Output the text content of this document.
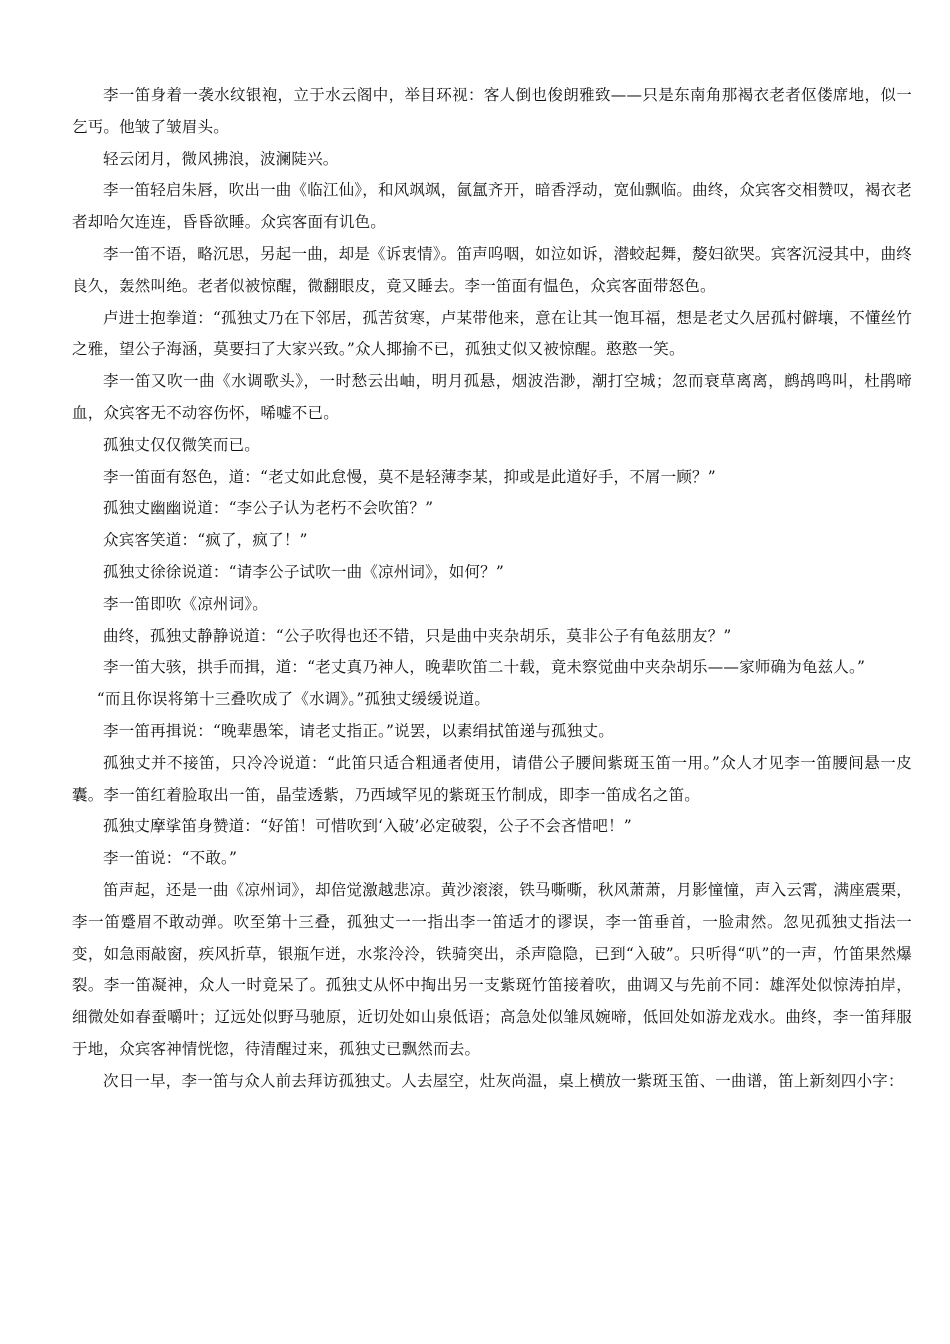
李一笛身着一袭水纹银袍，立于水云阁中，举目环视：客人倒也俊朗雅致——只是东南角那褐衣老者伛偻席地，似一乞丐。他皱了皱眉头。

轻云闭月，微风拂浪，波澜陡兴。

李一笛轻启朱唇，吹出一曲《临江仙》，和风飒飒，氤氲齐开，暗香浮动，宽仙飘临。曲终，众宾客交相赞叹，褐衣老者却哈欠连连，昏昏欲睡。众宾客面有讥色。

李一笛不语，略沉思，另起一曲，却是《诉衷情》。笛声呜咽，如泣如诉，潜蛟起舞，嫠妇欲哭。宾客沉浸其中，曲终良久，轰然叫绝。老者似被惊醒，微翻眼皮，竟又睡去。李一笛面有愠色，众宾客面带怒色。

卢进士抱拳道：“孤独丈乃在下邻居，孤苦贫寒，卢某带他来，意在让其一饱耳福，想是老丈久居孤村僻壤，不懂丝竹之雅，望公子海涵，莫要扫了大家兴致。”众人揶揄不已，孤独丈似又被惊醒。憨憨一笑。

李一笛又吹一曲《水调歌头》，一时愁云出岫，明月孤悬，烟波浩渺，潮打空城；忽而衰草离离，鹧鸪鸣叫，杜鹃啼血，众宾客无不动容伤怀，唏嘘不已。

孤独丈仅仅微笑而已。

李一笛面有怒色，道：“老丈如此怠慢，莫不是轻薄李某，抑或是此道好手，不屑一顾？”

孤独丈幽幽说道：“李公子认为老朽不会吹笛？”

众宾客笑道：“疯了，疯了！”

孤独丈徐徐说道：“请李公子试吹一曲《凉州词》，如何？”

李一笛即吹《凉州词》。

曲终，孤独丈静静说道：“公子吹得也还不错，只是曲中夹杂胡乐，莫非公子有龟兹朋友？”

李一笛大骇，拱手而揖，道：“老丈真乃神人，晚辈吹笛二十载，竟未察觉曲中夹杂胡乐——家师确为龟兹人。”

“而且你误将第十三叠吹成了《水调》。”孤独丈缓缓说道。

李一笛再揖说：“晚辈愚笨，请老丈指正。”说罢，以素绢拭笛递与孤独丈。

孤独丈并不接笛，只冷冷说道：“此笛只适合粗通者使用，请借公子腰间紫斑玉笛一用。”众人才见李一笛腰间悬一皮囊。李一笛红着脸取出一笛，晶莹透紫，乃西域罕见的紫斑玉竹制成，即李一笛成名之笛。

孤独丈摩挲笛身赞道：“好笛！可惜吹到‘入破’必定破裂，公子不会吝惜吧！”

李一笛说：“不敢。”

笛声起，还是一曲《凉州词》，却倍觉激越悲凉。黄沙滚滚，铁马嘶嘶，秋风萧萧，月影憧憧，声入云霄，满座震栗，李一笛蹙眉不敢动弹。吹至第十三叠，孤独丈一一指出李一笛适才的谬误，李一笛垂首，一脸肃然。忽见孤独丈指法一变，如急雨敲窗，疾风折草，银瓶乍迸，水浆泠泠，铁骑突出，杀声隐隐，已到“入破”。只听得“叭”的一声，竹笛果然爆裂。李一笛凝神，众人一时竟呆了。孤独丈从怀中掏出另一支紫斑竹笛接着吹，曲调又与先前不同：雄浑处似惊涛拍岸，细微处如春蚕嚼叶；辽远处似野马驰原，近切处如山泉低语；高急处似雏凤婉啼，低回处如游龙戏水。曲终，李一笛拜服于地，众宾客神情恍惚，待清醒过来，孤独丈已飘然而去。

次日一早，李一笛与众人前去拜访孤独丈。人去屋空，灶灰尚温，桌上横放一紫斑玉笛、一曲谱，笛上新刻四小字：
